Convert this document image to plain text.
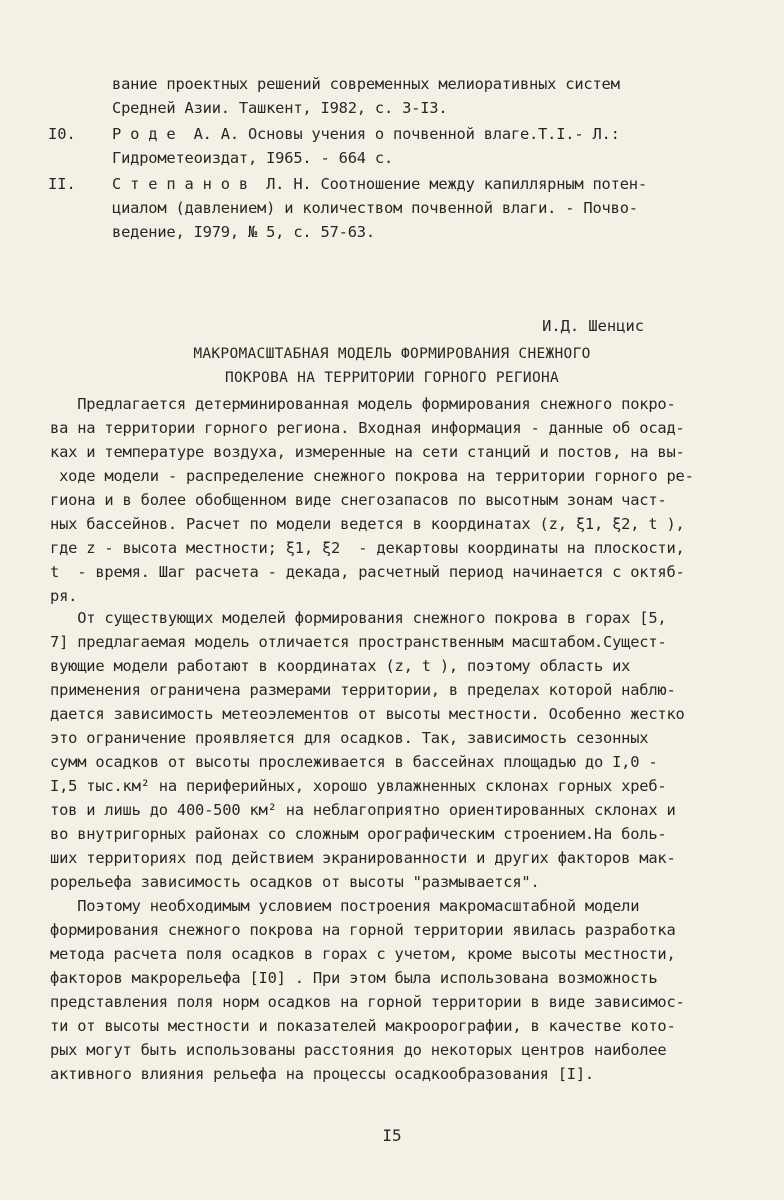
вание проектных решений современных мелиоративных систем
Средней Азии. Ташкент, I982, с. 3-I3.
I0. Р о д е  А. А. Основы учения о почвенной влаге.Т.I.- Л.:
Гидрометеоиздат, I965. - 664 с.
II. С т е п а н о в  Л. Н. Соотношение между капиллярным потен-
циалом (давлением) и количеством почвенной влаги. - Почво-
ведение, I979, № 5, с. 57-63.
И.Д. Шенцис
МАКРОМАСШТАБНАЯ МОДЕЛЬ ФОРМИРОВАНИЯ СНЕЖНОГО
ПОКРОВА НА ТЕРРИТОРИИ ГОРНОГО РЕГИОНА
Предлагается детерминированная модель формирования снежного покро-
ва на территории горного региона. Входная информация - данные об осад-
ках и температуре воздуха, измеренные на сети станций и постов, на вы-
ходе модели - распределение снежного покрова на территории горного ре-
гиона и в более обобщенном виде снегозапасов по высотным зонам част-
ных бассейнов. Расчет по модели ведется в координатах (z, ξ1, ξ2, t ),
где z - высота местности; ξ1, ξ2  - декартовы координаты на плоскости,
t  - время. Шаг расчета - декада, расчетный период начинается с октяб-
ря.
От существующих моделей формирования снежного покрова в горах [5,
7] предлагаемая модель отличается пространственным масштабом.Сущест-
вующие модели работают в координатах (z, t ), поэтому область их
применения ограничена размерами территории, в пределах которой наблю-
дается зависимость метеоэлементов от высоты местности. Особенно жестко
это ограничение проявляется для осадков. Так, зависимость сезонных
сумм осадков от высоты прослеживается в бассейнах площадью до I,0 -
I,5 тыс.км² на периферийных, хорошо увлажненных склонах горных хреб-
тов и лишь до 400-500 км² на неблагоприятно ориентированных склонах и
во внутригорных районах со сложным орографическим строением.На боль-
ших территориях под действием экранированности и других факторов мак-
рорельефа зависимость осадков от высоты "размывается".
Поэтому необходимым условием построения макромасштабной модели
формирования снежного покрова на горной территории явилась разработка
метода расчета поля осадков в горах с учетом, кроме высоты местности,
факторов макрорельефа [I0] . При этом была использована возможность
представления поля норм осадков на горной территории в виде зависимос-
ти от высоты местности и показателей макроорографии, в качестве кото-
рых могут быть использованы расстояния до некоторых центров наиболее
активного влияния рельефа на процессы осадкообразования [I].
I5
